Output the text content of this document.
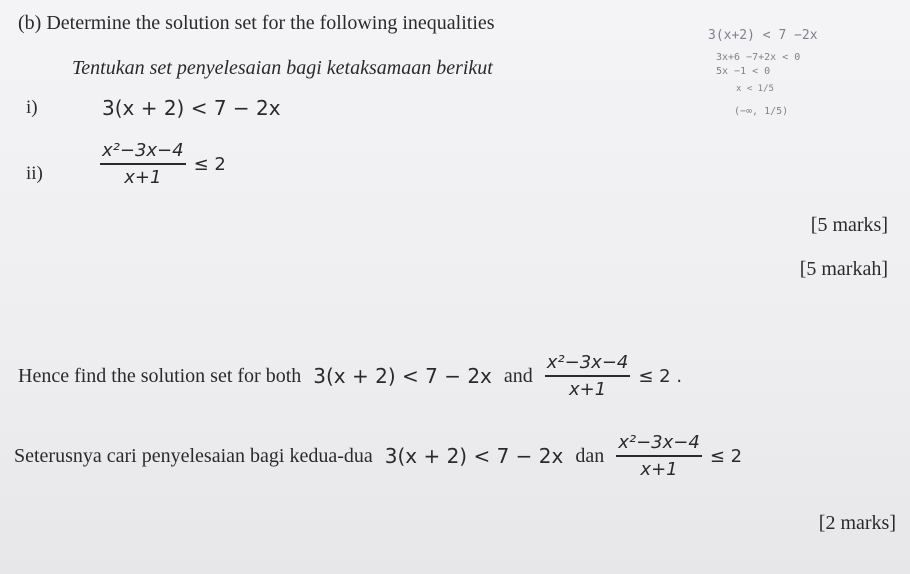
(b) Determine the solution set for the following inequalities
Tentukan set penyelesaian bagi ketaksamaan berikut
i)	3(x + 2) < 7 − 2x
ii)	$\frac{\text{x²−3x−4}}{x+1} \le 2$
[5 marks]
[5 markah]
Hence find the solution set for both 3(x + 2) < 7 − 2x and $\frac{\text{x²−3x−4}}{x+1} \le 2$ .
Seterusnya cari penyelesaian bagi kedua-dua 3(x + 2) < 7 − 2x dan $\frac{\text{x²−3x−4}}{x+1} \le 2$
[2 marks]
3(x+2) < 7 −2x
3x+6 −7+2x < 0
5x −1 < 0
x < 1/5
(−∞, 1/5)
